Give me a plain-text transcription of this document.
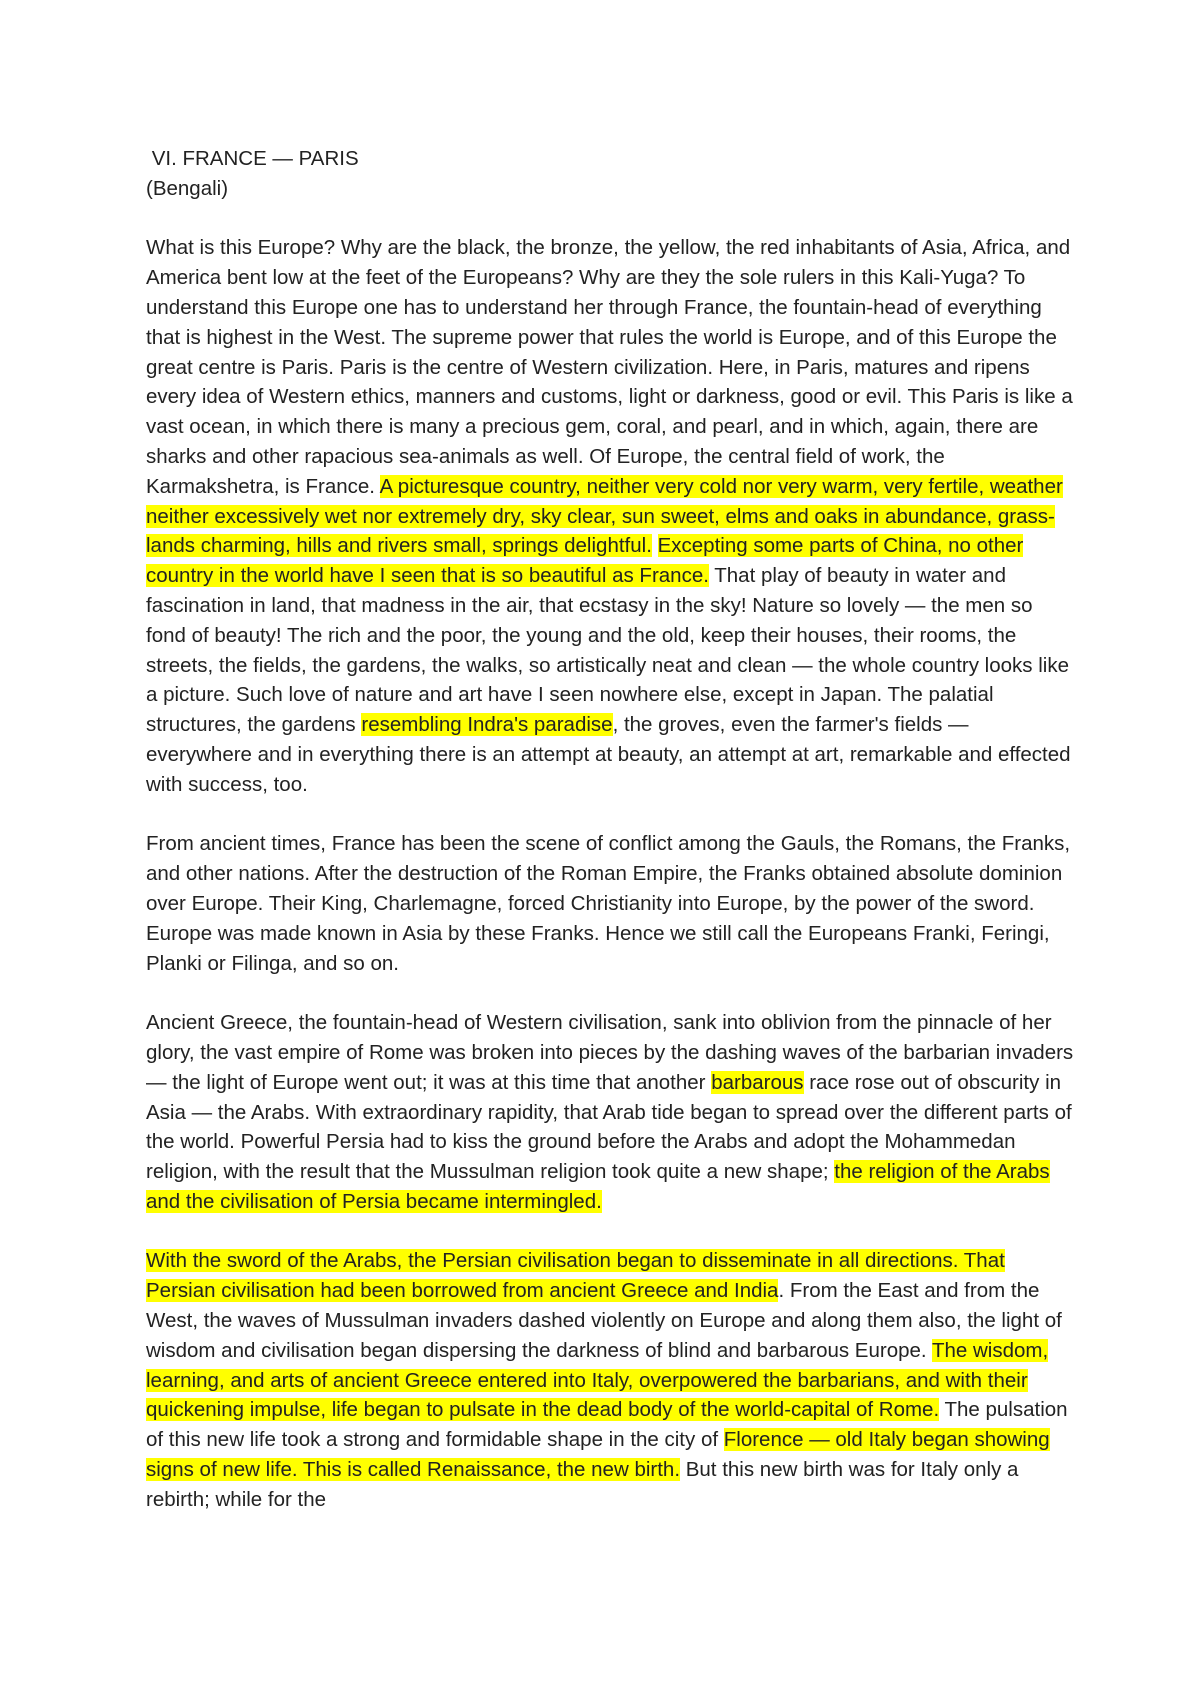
VI. FRANCE — PARIS

(Bengali)

What is this Europe? Why are the black, the bronze, the yellow, the red inhabitants of Asia, Africa, and America bent low at the feet of the Europeans? Why are they the sole rulers in this Kali-Yuga? To understand this Europe one has to understand her through France, the fountain-head of everything that is highest in the West. The supreme power that rules the world is Europe, and of this Europe the great centre is Paris. Paris is the centre of Western civilization. Here, in Paris, matures and ripens every idea of Western ethics, manners and customs, light or darkness, good or evil. This Paris is like a vast ocean, in which there is many a precious gem, coral, and pearl, and in which, again, there are sharks and other rapacious sea-animals as well. Of Europe, the central field of work, the Karmakshetra, is France. A picturesque country, neither very cold nor very warm, very fertile, weather neither excessively wet nor extremely dry, sky clear, sun sweet, elms and oaks in abundance, grass-lands charming, hills and rivers small, springs delightful. Excepting some parts of China, no other country in the world have I seen that is so beautiful as France. That play of beauty in water and fascination in land, that madness in the air, that ecstasy in the sky! Nature so lovely — the men so fond of beauty! The rich and the poor, the young and the old, keep their houses, their rooms, the streets, the fields, the gardens, the walks, so artistically neat and clean — the whole country looks like a picture. Such love of nature and art have I seen nowhere else, except in Japan. The palatial structures, the gardens resembling Indra's paradise, the groves, even the farmer's fields — everywhere and in everything there is an attempt at beauty, an attempt at art, remarkable and effected with success, too.

From ancient times, France has been the scene of conflict among the Gauls, the Romans, the Franks, and other nations. After the destruction of the Roman Empire, the Franks obtained absolute dominion over Europe. Their King, Charlemagne, forced Christianity into Europe, by the power of the sword. Europe was made known in Asia by these Franks. Hence we still call the Europeans Franki, Feringi, Planki or Filinga, and so on.

Ancient Greece, the fountain-head of Western civilisation, sank into oblivion from the pinnacle of her glory, the vast empire of Rome was broken into pieces by the dashing waves of the barbarian invaders — the light of Europe went out; it was at this time that another barbarous race rose out of obscurity in Asia — the Arabs. With extraordinary rapidity, that Arab tide began to spread over the different parts of the world. Powerful Persia had to kiss the ground before the Arabs and adopt the Mohammedan religion, with the result that the Mussulman religion took quite a new shape; the religion of the Arabs and the civilisation of Persia became intermingled.

With the sword of the Arabs, the Persian civilisation began to disseminate in all directions. That Persian civilisation had been borrowed from ancient Greece and India. From the East and from the West, the waves of Mussulman invaders dashed violently on Europe and along them also, the light of wisdom and civilisation began dispersing the darkness of blind and barbarous Europe. The wisdom, learning, and arts of ancient Greece entered into Italy, overpowered the barbarians, and with their quickening impulse, life began to pulsate in the dead body of the world-capital of Rome. The pulsation of this new life took a strong and formidable shape in the city of Florence — old Italy began showing signs of new life. This is called Renaissance, the new birth. But this new birth was for Italy only a rebirth; while for the
